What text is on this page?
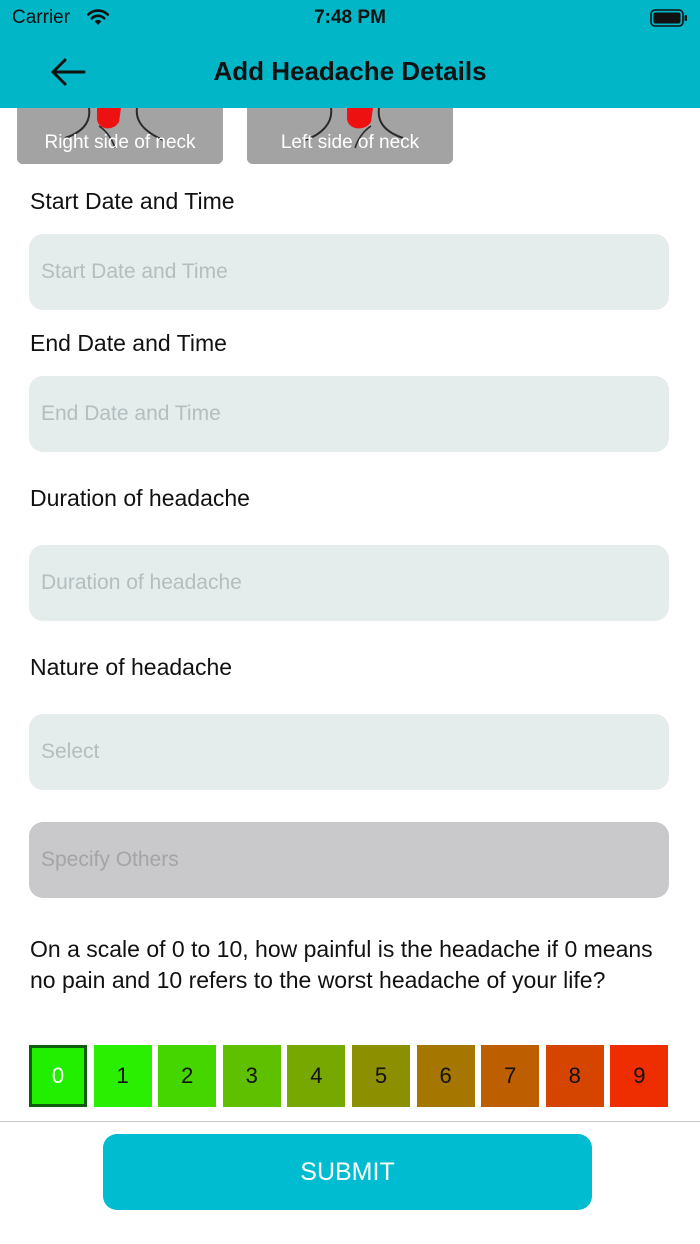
Carrier	7:48 PM
Add Headache Details
Right side of neck	Left side of neck
Start Date and Time
Start Date and Time
End Date and Time
End Date and Time
Duration of headache
Duration of headache
Nature of headache
Select
Specify Others
On a scale of 0 to 10, how painful is the headache if 0 means no pain and 10 refers to the worst headache of your life?
0	1	2	3	4	5	6	7	8	9
SUBMIT
